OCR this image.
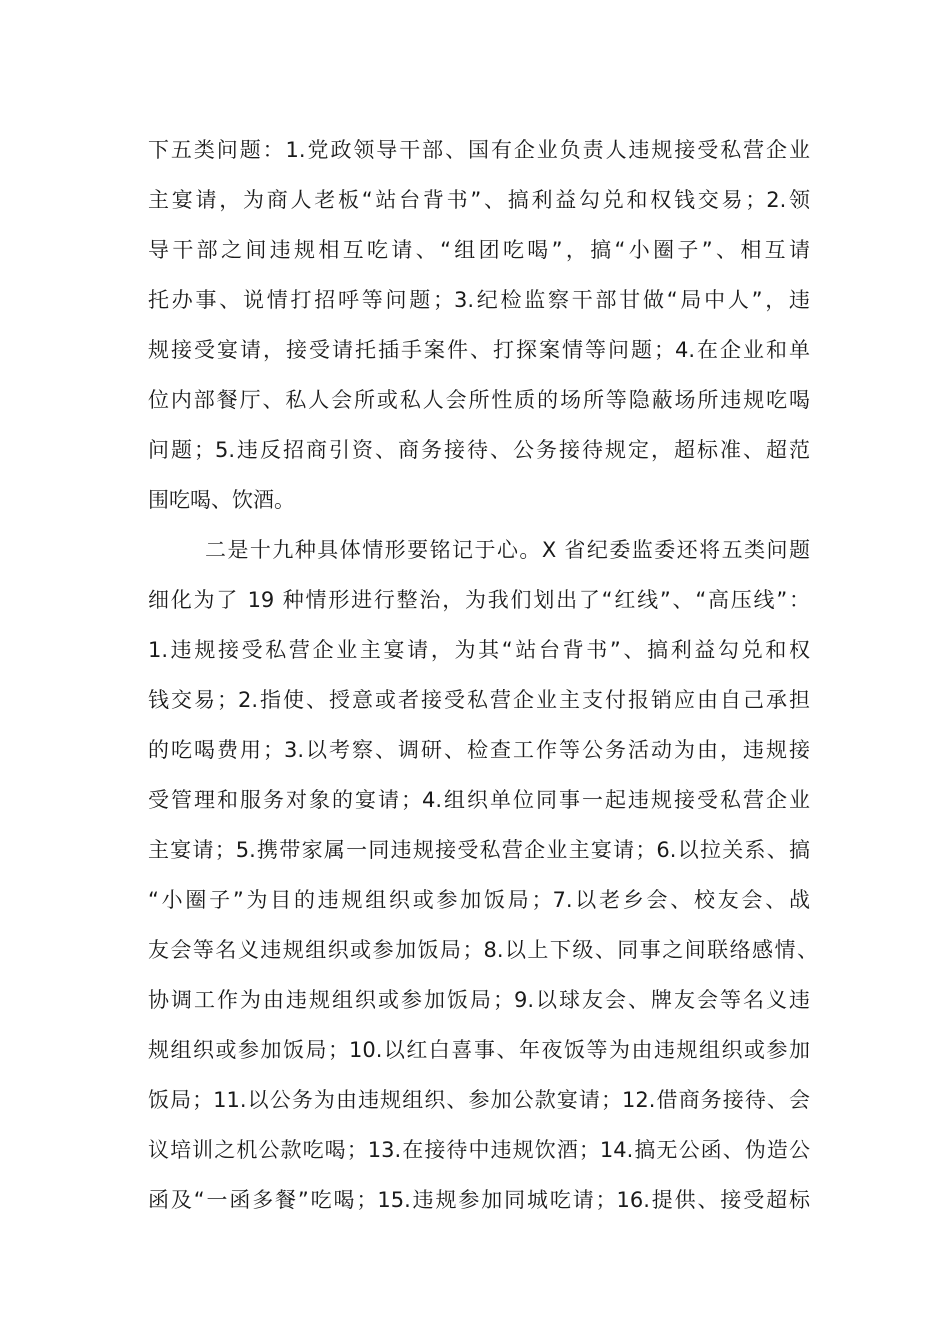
下五类问题：1.党政领导干部、国有企业负责人违规接受私营企业
主宴请，为商人老板“站台背书”、搞利益勾兑和权钱交易；2.领
导干部之间违规相互吃请、“组团吃喝”，搞“小圈子”、相互请
托办事、说情打招呼等问题；3.纪检监察干部甘做“局中人”，违
规接受宴请，接受请托插手案件、打探案情等问题；4.在企业和单
位内部餐厅、私人会所或私人会所性质的场所等隐蔽场所违规吃喝
问题；5.违反招商引资、商务接待、公务接待规定，超标准、超范
围吃喝、饮酒。
二是十九种具体情形要铭记于心。X 省纪委监委还将五类问题
细化为了 19 种情形进行整治，为我们划出了“红线”、“高压线”：
1.违规接受私营企业主宴请，为其“站台背书”、搞利益勾兑和权
钱交易；2.指使、授意或者接受私营企业主支付报销应由自己承担
的吃喝费用；3.以考察、调研、检查工作等公务活动为由，违规接
受管理和服务对象的宴请；4.组织单位同事一起违规接受私营企业
主宴请；5.携带家属一同违规接受私营企业主宴请；6.以拉关系、搞
“小圈子”为目的违规组织或参加饭局；7.以老乡会、校友会、战
友会等名义违规组织或参加饭局；8.以上下级、同事之间联络感情、
协调工作为由违规组织或参加饭局；9.以球友会、牌友会等名义违
规组织或参加饭局；10.以红白喜事、年夜饭等为由违规组织或参加
饭局；11.以公务为由违规组织、参加公款宴请；12.借商务接待、会
议培训之机公款吃喝；13.在接待中违规饮酒；14.搞无公函、伪造公
函及“一函多餐”吃喝；15.违规参加同城吃请；16.提供、接受超标
